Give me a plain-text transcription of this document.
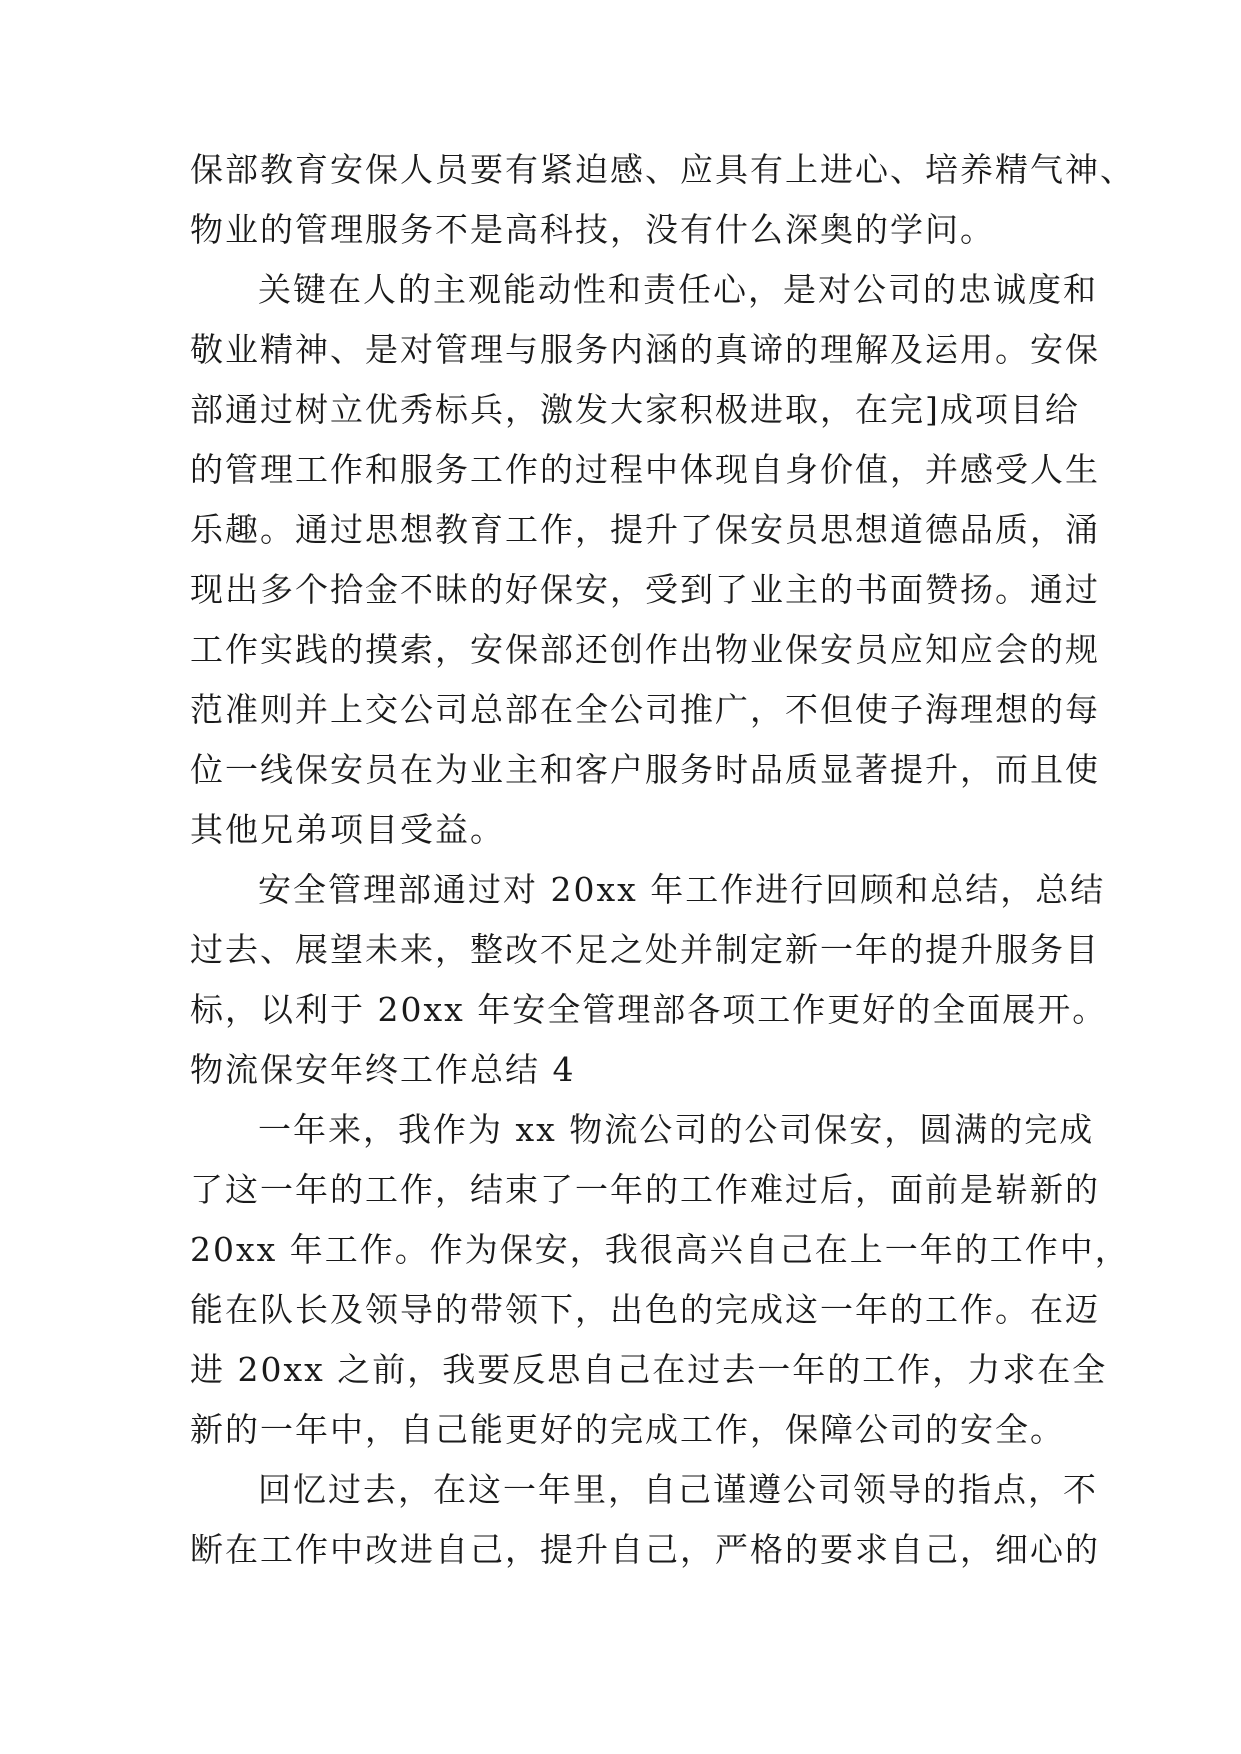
保部教育安保人员要有紧迫感、应具有上进心、培养精气神、
物业的管理服务不是高科技，没有什么深奥的学问。
关键在人的主观能动性和责任心，是对公司的忠诚度和
敬业精神、是对管理与服务内涵的真谛的理解及运用。安保
部通过树立优秀标兵，激发大家积极进取，在完]成项目给
的管理工作和服务工作的过程中体现自身价值，并感受人生
乐趣。通过思想教育工作，提升了保安员思想道德品质，涌
现出多个拾金不昧的好保安，受到了业主的书面赞扬。通过
工作实践的摸索，安保部还创作出物业保安员应知应会的规
范准则并上交公司总部在全公司推广，不但使子海理想的每
位一线保安员在为业主和客户服务时品质显著提升，而且使
其他兄弟项目受益。
安全管理部通过对 20xx 年工作进行回顾和总结，总结
过去、展望未来，整改不足之处并制定新一年的提升服务目
标，以利于 20xx 年安全管理部各项工作更好的全面展开。
物流保安年终工作总结 4
一年来，我作为 xx 物流公司的公司保安，圆满的完成
了这一年的工作，结束了一年的工作难过后，面前是崭新的
20xx 年工作。作为保安，我很高兴自己在上一年的工作中，
能在队长及领导的带领下，出色的完成这一年的工作。在迈
进 20xx 之前，我要反思自己在过去一年的工作，力求在全
新的一年中，自己能更好的完成工作，保障公司的安全。
回忆过去，在这一年里，自己谨遵公司领导的指点，不
断在工作中改进自己，提升自己，严格的要求自己，细心的
